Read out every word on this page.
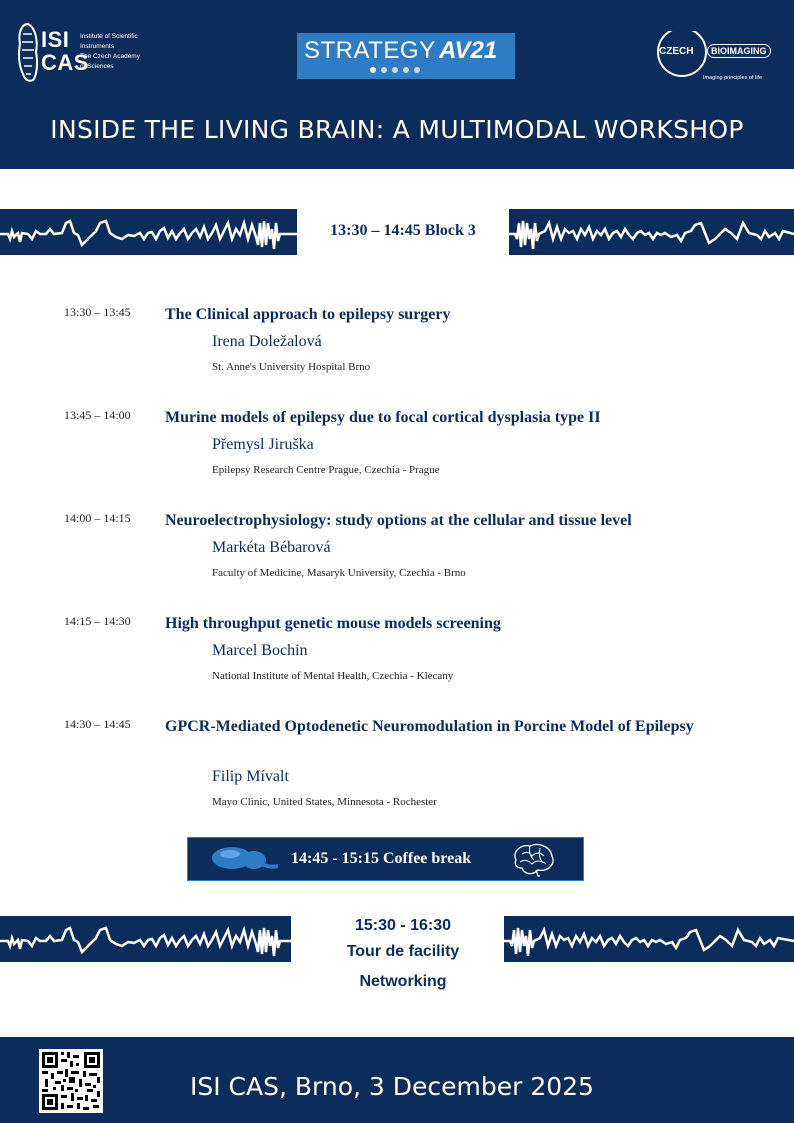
ISI
CAS
Institute of Scientific
Instruments
The Czech Academy
of Sciences
STRATEGY AV21	CZECH	BIOIMAGING
Imaging principles of life
INSIDE THE LIVING BRAIN: A MULTIMODAL WORKSHOP
13:30 – 14:45 Block 3
13:30 – 13:45 The Clinical approach to epilepsy surgery
Irena Doležalová
St. Anne's University Hospital Brno
13:45 – 14:00 Murine models of epilepsy due to focal cortical dysplasia type II
Přemysl Jiruška
Epilepsy Research Centre Prague, Czechia - Prague
14:00 – 14:15 Neuroelectrophysiology: study options at the cellular and tissue level
Markéta Bébarová
Faculty of Medicine, Masaryk University, Czechia - Brno
14:15 – 14:30 High throughput genetic mouse models screening
Marcel Bochin
National Institute of Mental Health, Czechia - Klecany
14:30 – 14:45 GPCR-Mediated Optodenetic Neuromodulation in Porcine Model of Epilepsy
Filip Mívalt
Mayo Clinic, United States, Minnesota - Rochester
14:45 - 15:15 Coffee break
15:30 - 16:30
Tour de facility
Networking
ISI CAS, Brno, 3 December 2025
